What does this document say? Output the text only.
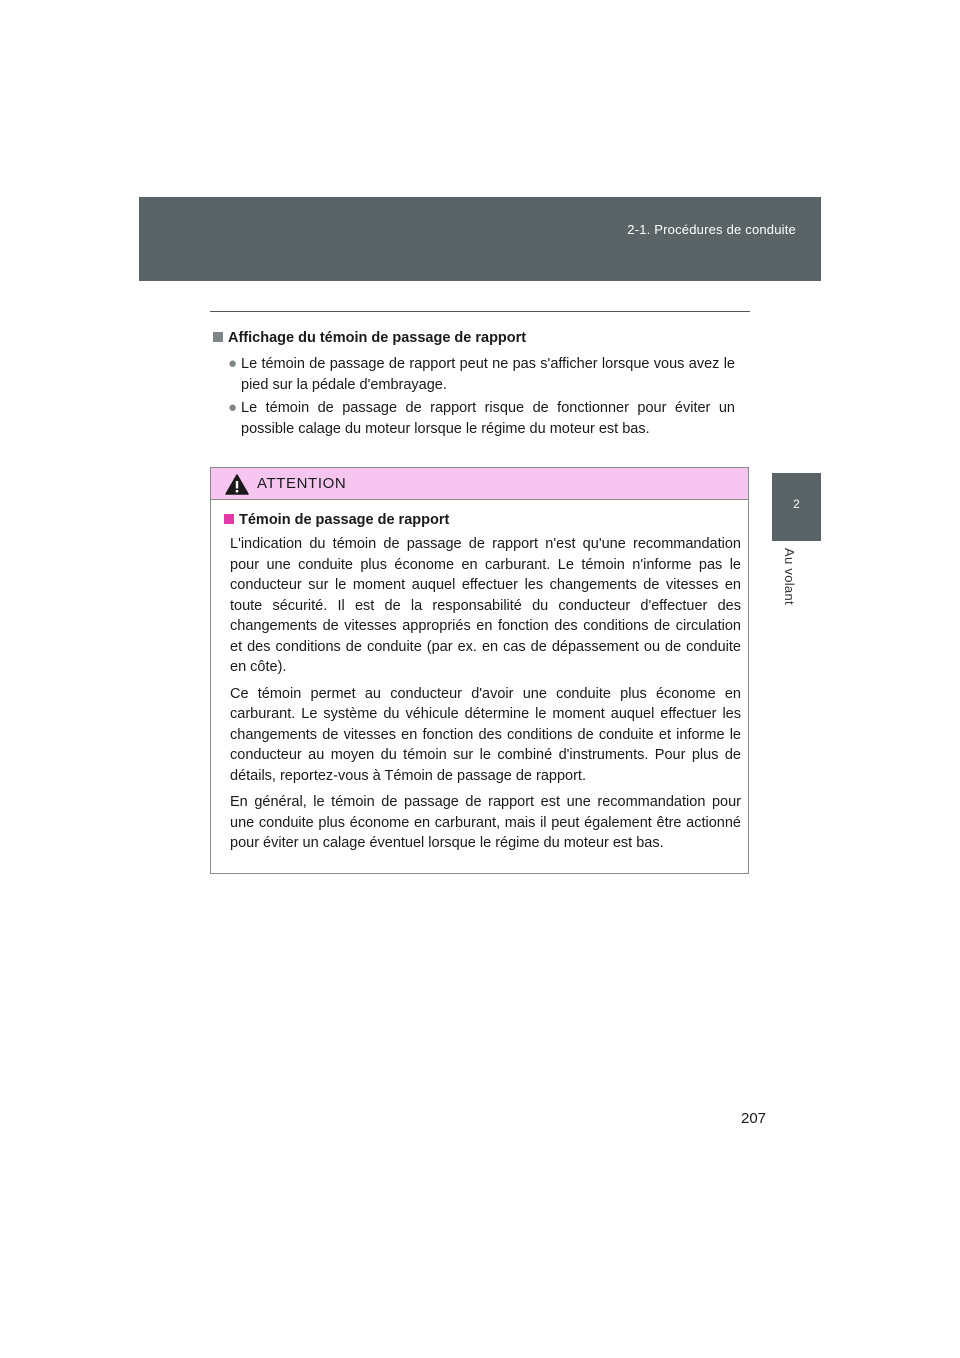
2-1. Procédures de conduite
2
Au volant
Affichage du témoin de passage de rapport
● Le témoin de passage de rapport peut ne pas s'afficher lorsque vous avez le pied sur la pédale d'embrayage.
● Le témoin de passage de rapport risque de fonctionner pour éviter un possible calage du moteur lorsque le régime du moteur est bas.
ATTENTION
Témoin de passage de rapport

L'indication du témoin de passage de rapport n'est qu'une recommandation pour une conduite plus économe en carburant. Le témoin n'informe pas le conducteur sur le moment auquel effectuer les changements de vitesses en toute sécurité. Il est de la responsabilité du conducteur d'effectuer des changements de vitesses appropriés en fonction des conditions de circulation et des conditions de conduite (par ex. en cas de dépassement ou de conduite en côte).

Ce témoin permet au conducteur d'avoir une conduite plus économe en carburant. Le système du véhicule détermine le moment auquel effectuer les changements de vitesses en fonction des conditions de conduite et informe le conducteur au moyen du témoin sur le combiné d'instruments. Pour plus de détails, reportez-vous à Témoin de passage de rapport.

En général, le témoin de passage de rapport est une recommandation pour une conduite plus économe en carburant, mais il peut également être actionné pour éviter un calage éventuel lorsque le régime du moteur est bas.

207
